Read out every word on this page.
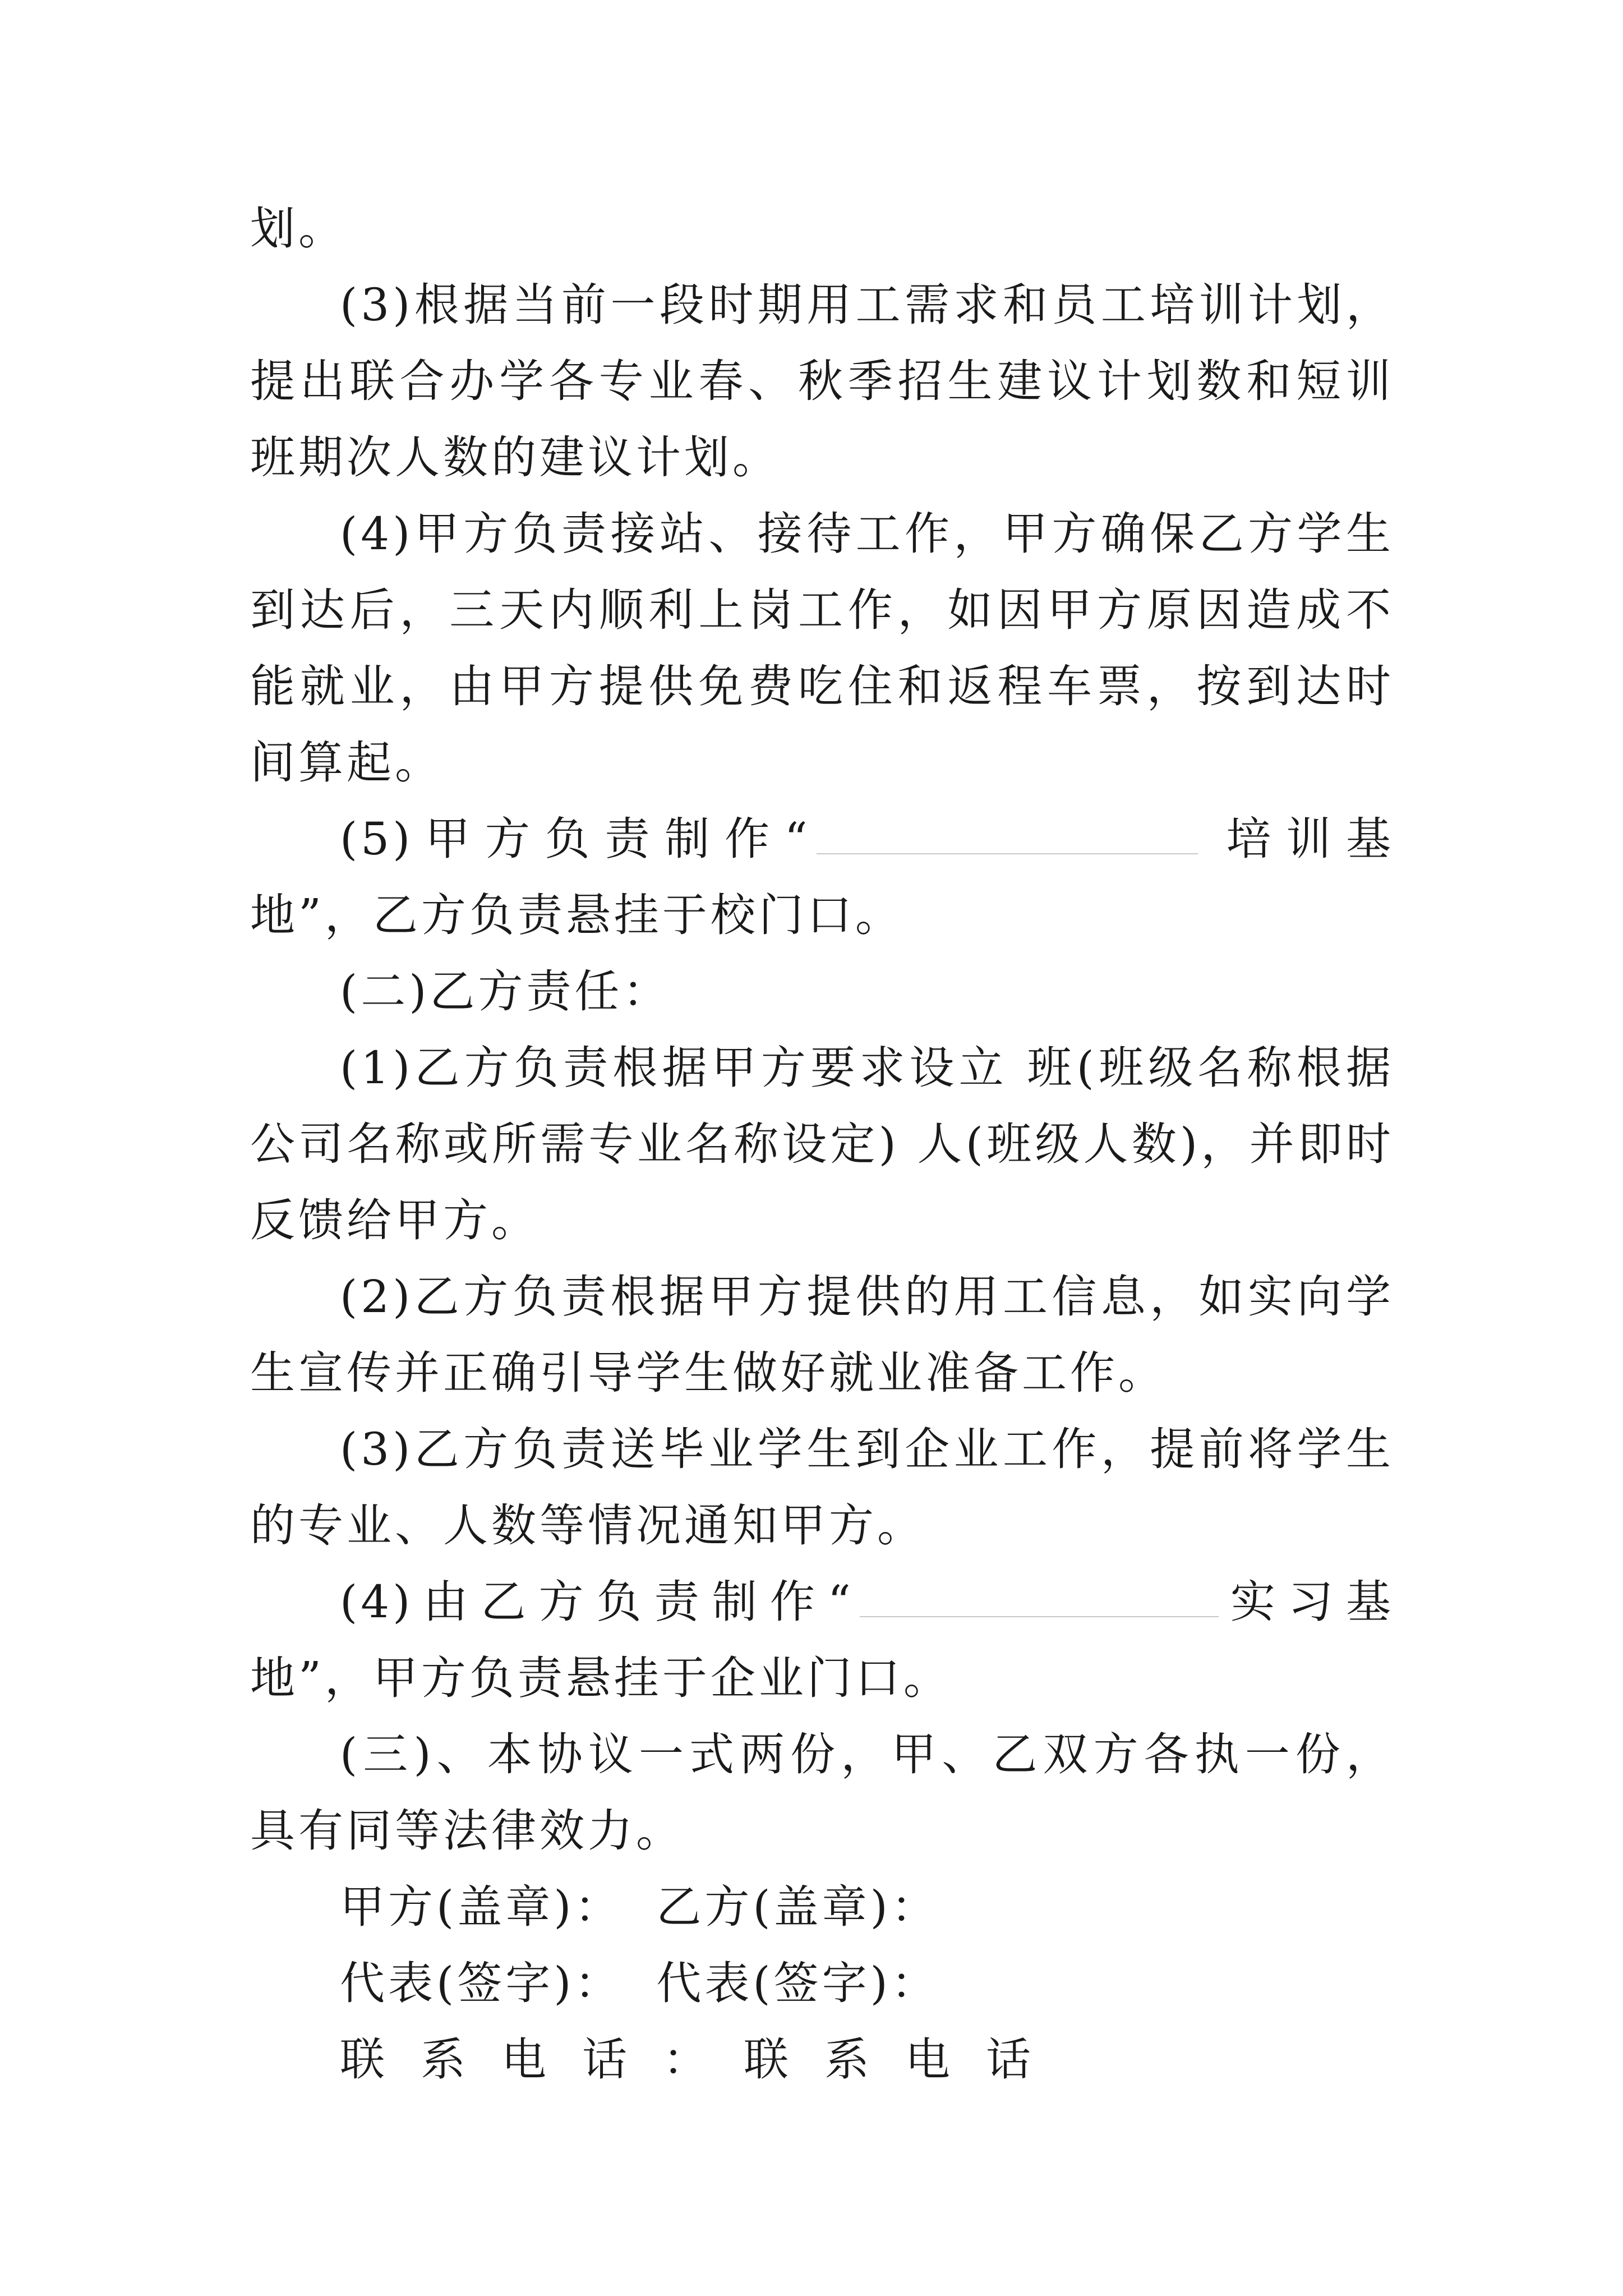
划。

(3)根据当前一段时期用工需求和员工培训计划，提出联合办学各专业春、秋季招生建议计划数和短训班期次人数的建议计划。

(4)甲方负责接站、接待工作，甲方确保乙方学生到达后，三天内顺利上岗工作，如因甲方原因造成不能就业，由甲方提供免费吃住和返程车票，按到达时间算起。

(5)甲方负责制作“	培训基地”，乙方负责悬挂于校门口。

(二)乙方责任：

(1)乙方负责根据甲方要求设立 班(班级名称根据公司名称或所需专业名称设定) 人(班级人数)，并即时反馈给甲方。

(2)乙方负责根据甲方提供的用工信息，如实向学生宣传并正确引导学生做好就业准备工作。

(3)乙方负责送毕业学生到企业工作，提前将学生的专业、人数等情况通知甲方。

(4)由乙方负责制作“	实习基地”，甲方负责悬挂于企业门口。

(三)、本协议一式两份，甲、乙双方各执一份，具有同等法律效力。

甲方(盖章)： 乙方(盖章)：

代表(签字)： 代表(签字)：

联系电话：联系电话
